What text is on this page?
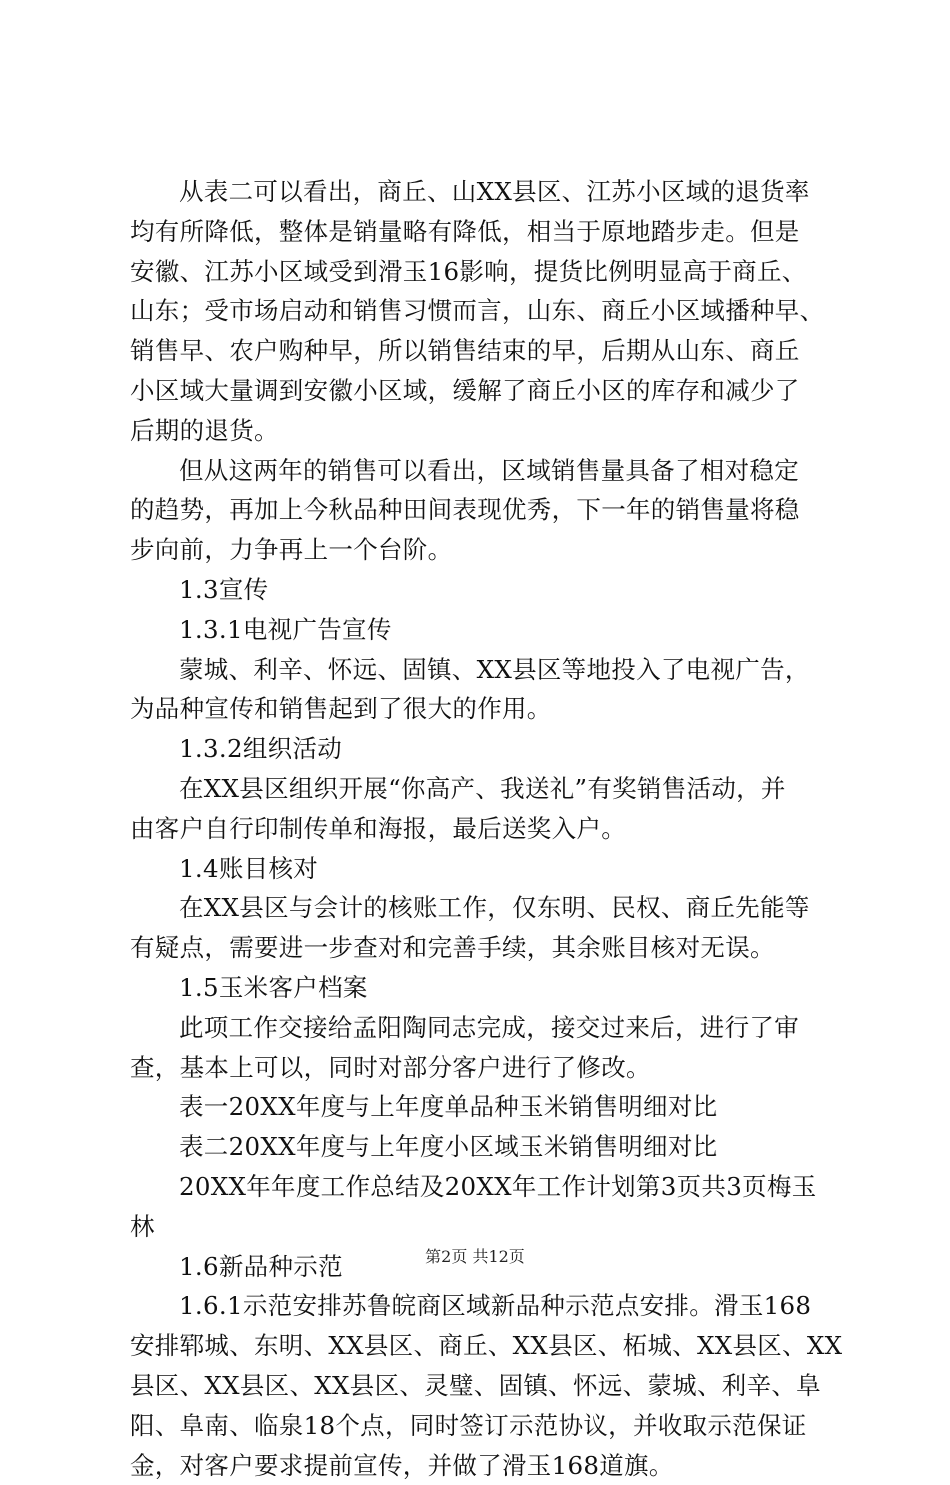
从表二可以看出，商丘、山XX县区、江苏小区域的退货率
均有所降低，整体是销量略有降低，相当于原地踏步走。但是
安徽、江苏小区域受到滑玉16影响，提货比例明显高于商丘、
山东；受市场启动和销售习惯而言，山东、商丘小区域播种早、
销售早、农户购种早，所以销售结束的早，后期从山东、商丘
小区域大量调到安徽小区域，缓解了商丘小区的库存和减少了
后期的退货。
但从这两年的销售可以看出，区域销售量具备了相对稳定
的趋势，再加上今秋品种田间表现优秀，下一年的销售量将稳
步向前，力争再上一个台阶。
1.3宣传
1.3.1电视广告宣传
蒙城、利辛、怀远、固镇、XX县区等地投入了电视广告，
为品种宣传和销售起到了很大的作用。
1.3.2组织活动
在XX县区组织开展“你高产、我送礼”有奖销售活动，并
由客户自行印制传单和海报，最后送奖入户。
1.4账目核对
在XX县区与会计的核账工作，仅东明、民权、商丘先能等
有疑点，需要进一步查对和完善手续，其余账目核对无误。
1.5玉米客户档案
此项工作交接给孟阳陶同志完成，接交过来后，进行了审
查，基本上可以，同时对部分客户进行了修改。
表一20XX年度与上年度单品种玉米销售明细对比
表二20XX年度与上年度小区域玉米销售明细对比
20XX年年度工作总结及20XX年工作计划第3页共3页梅玉
林
1.6新品种示范
1.6.1示范安排苏鲁皖商区域新品种示范点安排。滑玉168
安排郓城、东明、XX县区、商丘、XX县区、柘城、XX县区、XX
县区、XX县区、XX县区、灵璧、固镇、怀远、蒙城、利辛、阜
阳、阜南、临泉18个点，同时签订示范协议，并收取示范保证
金，对客户要求提前宣传，并做了滑玉168道旗。
第2页 共12页
